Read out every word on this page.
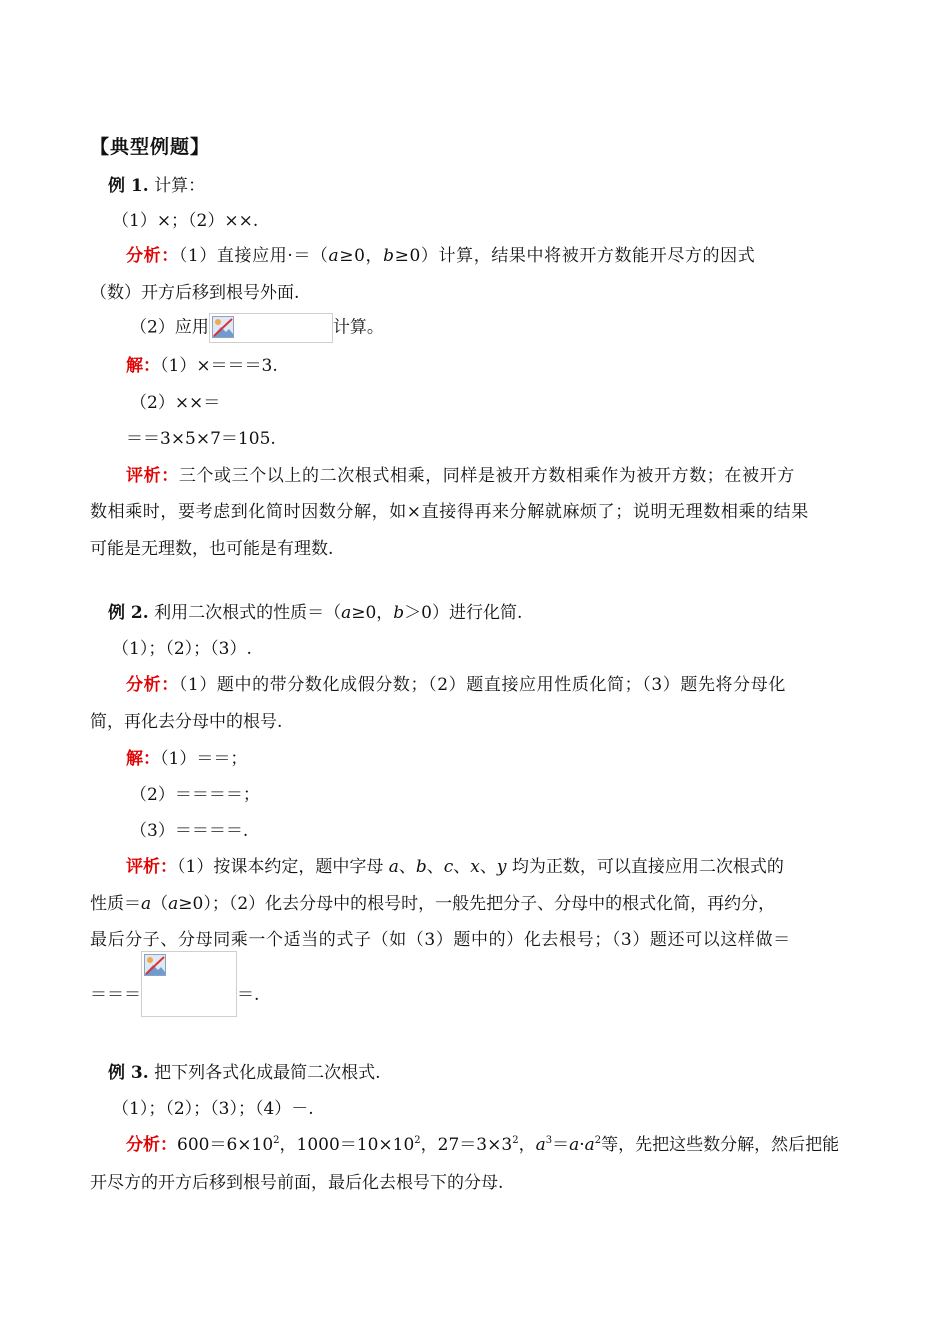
【典型例题】
例 1. 计算：
（1）×；（2）××.
分析：（1）直接应用·＝（a≥0，b≥0）计算，结果中将被开方数能开尽方的因式
（数）开方后移到根号外面.
（2）应用	计算。
解：（1）×＝＝＝3.
（2）××＝
＝＝3×5×7＝105.
评析：三个或三个以上的二次根式相乘，同样是被开方数相乘作为被开方数；在被开方
数相乘时，要考虑到化简时因数分解，如×直接得再来分解就麻烦了；说明无理数相乘的结果
可能是无理数，也可能是有理数.
例 2. 利用二次根式的性质＝（a≥0，b＞0）进行化简.
（1）；（2）；（3）.
分析：（1）题中的带分数化成假分数；（2）题直接应用性质化简；（3）题先将分母化
简，再化去分母中的根号.
解：（1）＝＝；
（2）＝＝＝＝；
（3）＝＝＝＝.
评析：（1）按课本约定，题中字母 a、b、c、x、y 均为正数，可以直接应用二次根式的
性质＝a（a≥0）；（2）化去分母中的根号时，一般先把分子、分母中的根式化简，再约分，
最后分子、分母同乘一个适当的式子（如（3）题中的）化去根号；（3）题还可以这样做＝
＝＝＝	＝.
例 3. 把下列各式化成最简二次根式.
（1）；（2）；（3）；（4）－.
分析：$600=6\times 10^2$，$1000=10\times 10^2$，$27=3\times 3^2$，$a^3=a\cdot a^2$等，先把这些数分解，然后把能
开尽方的开方后移到根号前面，最后化去根号下的分母.
